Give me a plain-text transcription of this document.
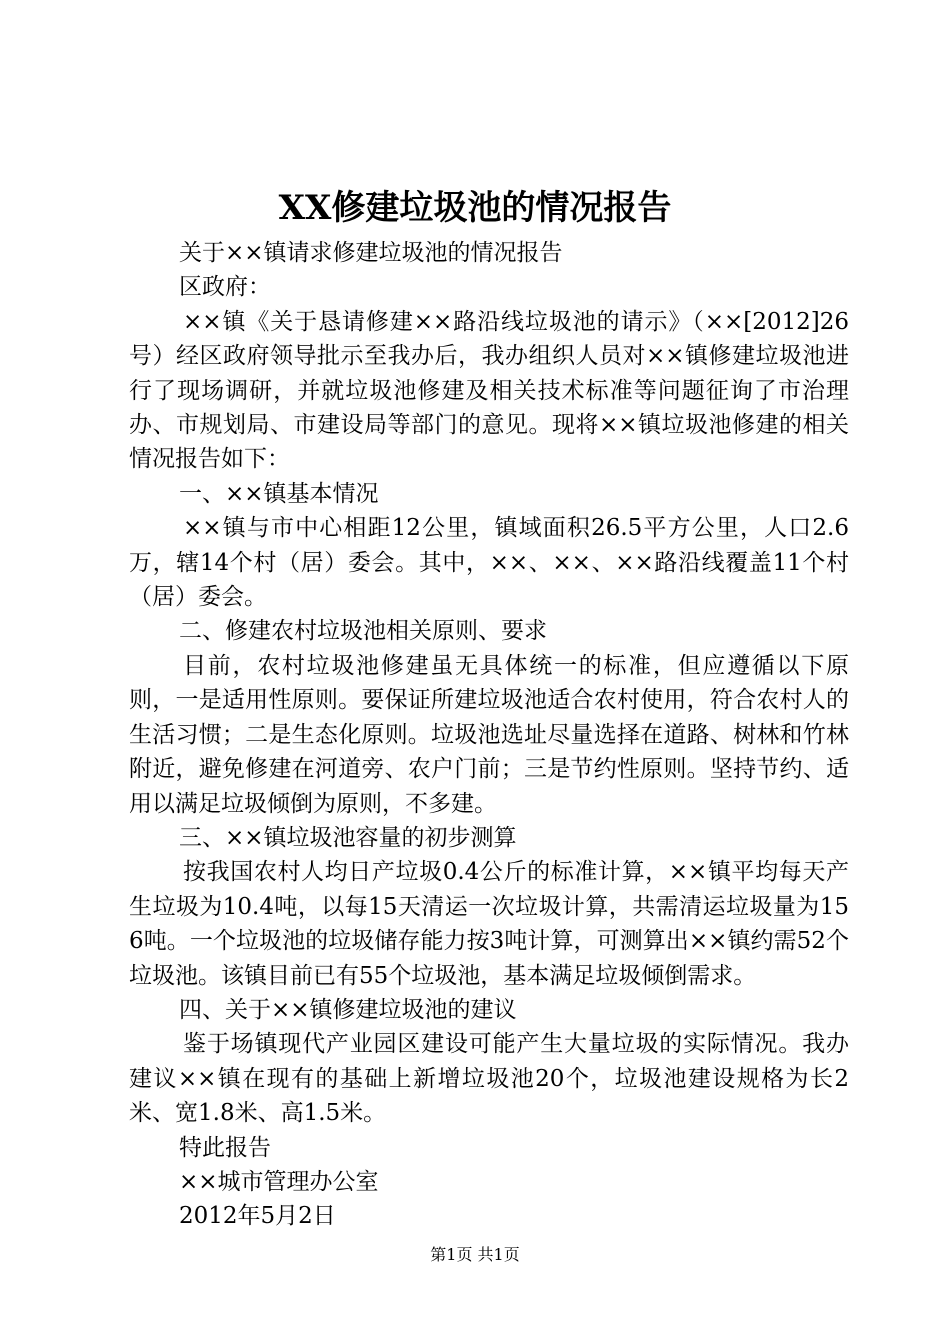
XX修建垃圾池的情况报告

关于××镇请求修建垃圾池的情况报告

区政府：

××镇《关于恳请修建××路沿线垃圾池的请示》（××[2012]26号）经区政府领导批示至我办后，我办组织人员对××镇修建垃圾池进行了现场调研，并就垃圾池修建及相关技术标准等问题征询了市治理办、市规划局、市建设局等部门的意见。现将××镇垃圾池修建的相关情况报告如下：

一、××镇基本情况

××镇与市中心相距12公里，镇域面积26.5平方公里，人口2.6万，辖14个村（居）委会。其中，××、××、××路沿线覆盖11个村（居）委会。

二、修建农村垃圾池相关原则、要求

目前，农村垃圾池修建虽无具体统一的标准，但应遵循以下原则，一是适用性原则。要保证所建垃圾池适合农村使用，符合农村人的生活习惯；二是生态化原则。垃圾池选址尽量选择在道路、树林和竹林附近，避免修建在河道旁、农户门前；三是节约性原则。坚持节约、适用以满足垃圾倾倒为原则，不多建。

三、××镇垃圾池容量的初步测算

按我国农村人均日产垃圾0.4公斤的标准计算，××镇平均每天产生垃圾为10.4吨，以每15天清运一次垃圾计算，共需清运垃圾量为156吨。一个垃圾池的垃圾储存能力按3吨计算，可测算出××镇约需52个垃圾池。该镇目前已有55个垃圾池，基本满足垃圾倾倒需求。

四、关于××镇修建垃圾池的建议

鉴于场镇现代产业园区建设可能产生大量垃圾的实际情况。我办建议××镇在现有的基础上新增垃圾池20个，垃圾池建设规格为长2米、宽1.8米、高1.5米。

特此报告

××城市管理办公室

2012年5月2日

第1页 共1页
